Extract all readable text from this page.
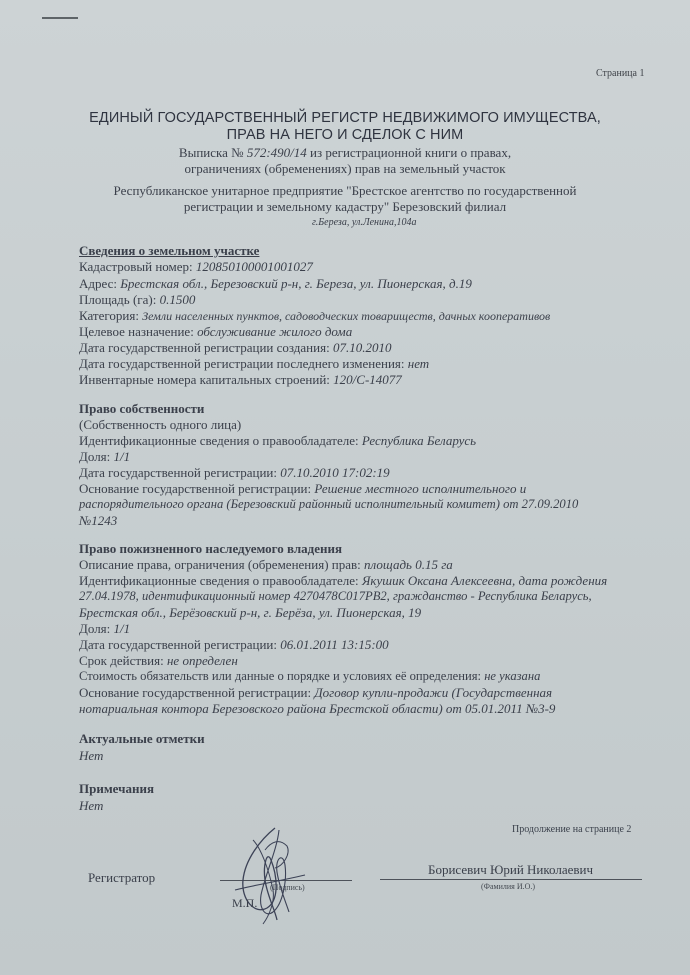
Страница 1
ЕДИНЫЙ ГОСУДАРСТВЕННЫЙ РЕГИСТР НЕДВИЖИМОГО ИМУЩЕСТВА,
ПРАВ НА НЕГО И СДЕЛОК С НИМ
Выписка № 572:490/14 из регистрационной книги о правах,
ограничениях (обременениях) прав на земельный участок
Республиканское унитарное предприятие "Брестское агентство по государственной
регистрации и земельному кадастру" Березовский филиал
г.Береза, ул.Ленина,104а
Сведения о земельном участке
Кадастровый номер: 120850100001001027
Адрес: Брестская обл., Березовский р-н, г. Береза, ул. Пионерская, д.19
Площадь (га): 0.1500
Категория: Земли населенных пунктов, садоводческих товариществ, дачных кооперативов
Целевое назначение: обслуживание жилого дома
Дата государственной регистрации создания: 07.10.2010
Дата государственной регистрации последнего изменения: нет
Инвентарные номера капитальных строений: 120/С-14077
Право собственности
(Собственность одного лица)
Идентификационные сведения о правообладателе: Республика Беларусь
Доля: 1/1
Дата государственной регистрации: 07.10.2010 17:02:19
Основание государственной регистрации: Решение местного исполнительного и
распорядительного органа (Березовский районный исполнительный комитет) от 27.09.2010
№1243
Право пожизненного наследуемого владения
Описание права, ограничения (обременения) прав: площадь 0.15 га
Идентификационные сведения о правообладателе: Якушик Оксана Алексеевна, дата рождения
27.04.1978, идентификационный номер 4270478С017РВ2, гражданство - Республика Беларусь,
Брестская обл., Берёзовский р-н, г. Берёза, ул. Пионерская, 19
Доля: 1/1
Дата государственной регистрации: 06.01.2011 13:15:00
Срок действия: не определен
Стоимость обязательств или данные о порядке и условиях её определения: не указана
Основание государственной регистрации: Договор купли-продажи (Государственная
нотариальная контора Березовского района Брестской области) от 05.01.2011 №3-9
Актуальные отметки
Нет
Примечания
Нет
Продолжение на странице 2
Регистратор
(Подпись)
М.П.
Борисевич Юрий Николаевич
(Фамилия И.О.)
